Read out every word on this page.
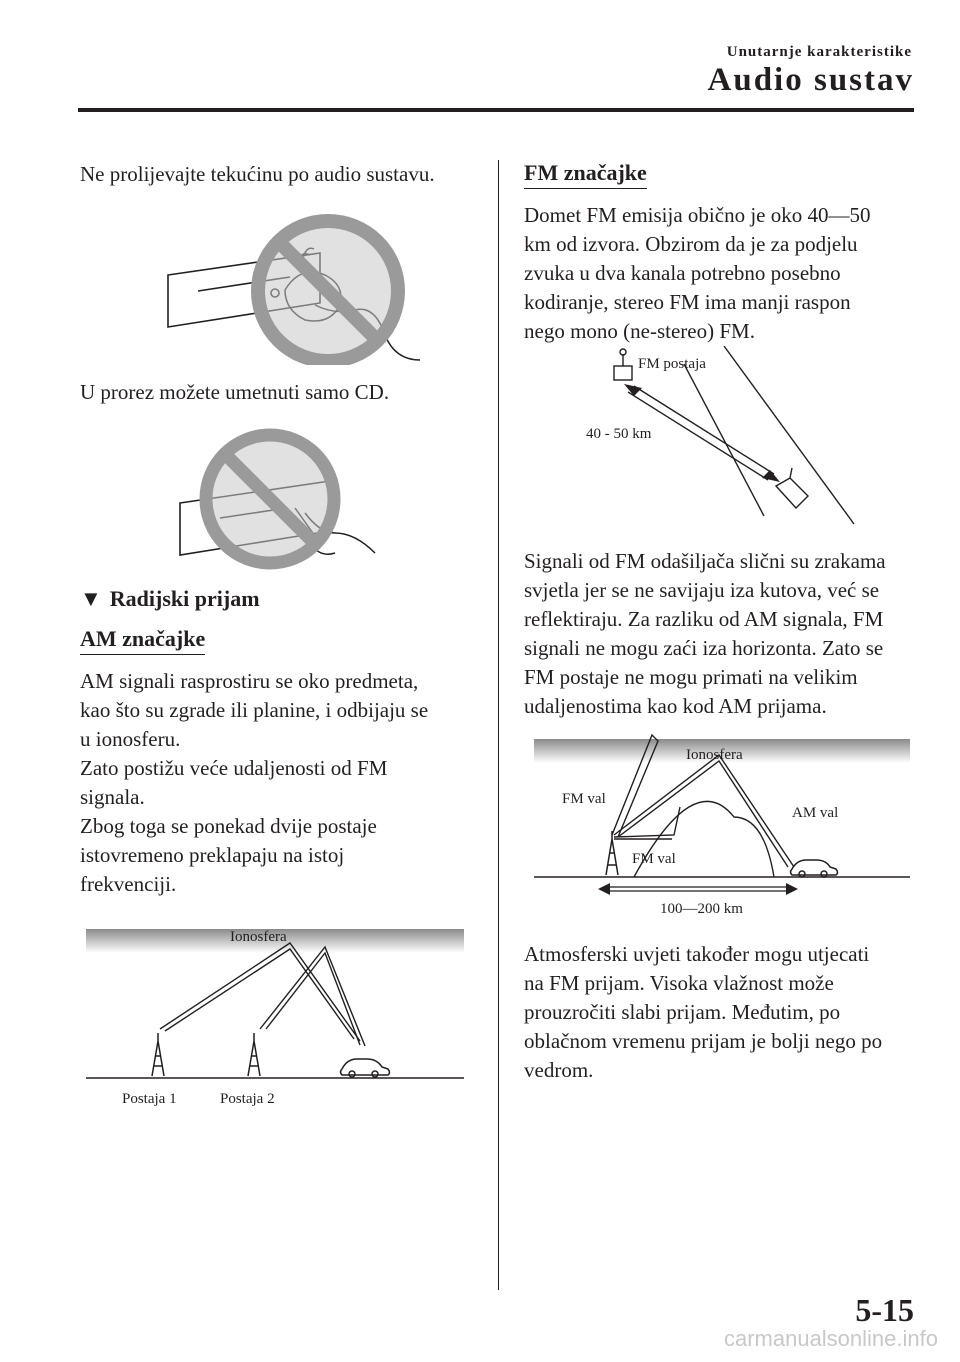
Unutarnje karakteristike
Audio sustav

Ne prolijevajte tekućinu po audio sustavu.

U prorez možete umetnuti samo CD.

▼ Radijski prijam
AM značajke

AM signali rasprostiru se oko predmeta,

kao što su zgrade ili planine, i odbijaju se

u ionosferu.

Zato postižu veće udaljenosti od FM

signala.

Zbog toga se ponekad dvije postaje

istovremeno preklapaju na istoj

frekvenciji.

Ionosfera
Postaja 1	Postaja 2
FM značajke

Domet FM emisija obično je oko 40―50

km od izvora. Obzirom da je za podjelu

zvuka u dva kanala potrebno posebno

kodiranje, stereo FM ima manji raspon

nego mono (ne-stereo) FM.

FM postaja
40 - 50 km

Signali od FM odašiljača slični su zrakama

svjetla jer se ne savijaju iza kutova, već se

reflektiraju. Za razliku od AM signala, FM

signali ne mogu zaći iza horizonta. Zato se

FM postaje ne mogu primati na velikim

udaljenostima kao kod AM prijama.

Ionosfera
FM val
AM val
FM val
100―200 km

Atmosferski uvjeti također mogu utjecati

na FM prijam. Visoka vlažnost može

prouzročiti slabi prijam. Međutim, po

oblačnom vremenu prijam je bolji nego po

vedrom.

5-15
carmanualsonline.info
